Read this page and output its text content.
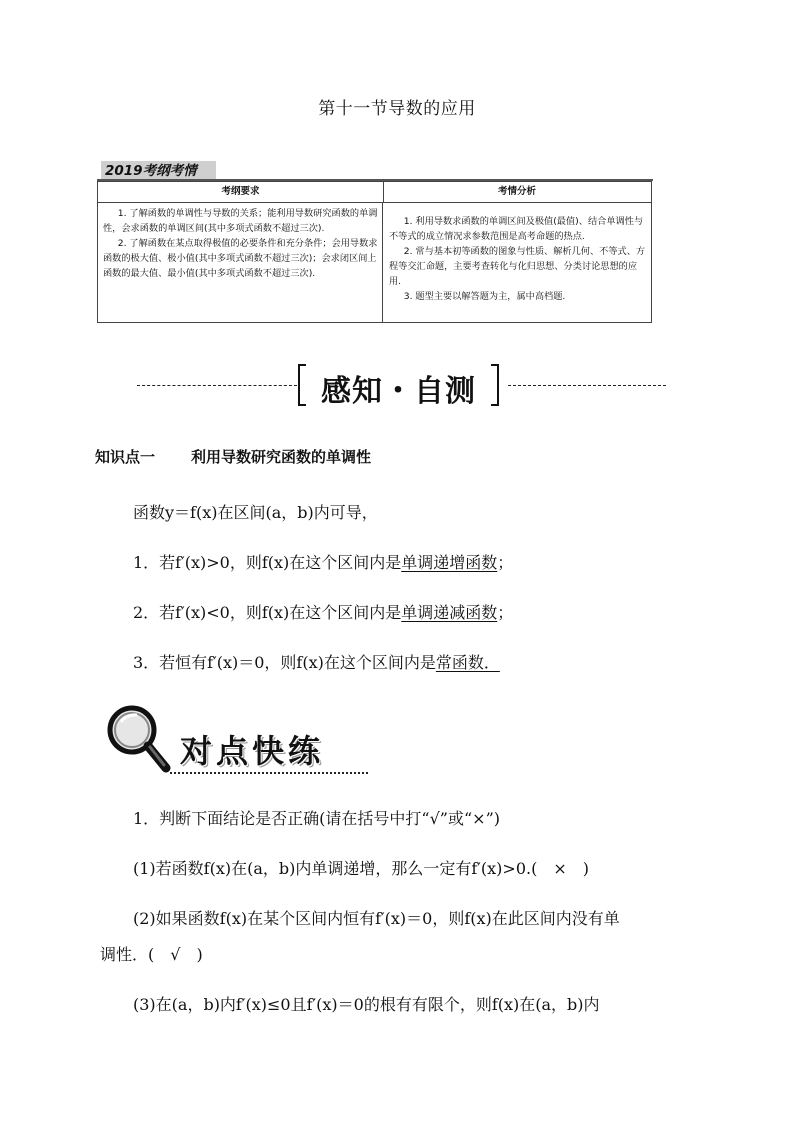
第十一节导数的应用
2019考纲考情
考纲要求	考情分析

1. 了解函数的单调性与导数的关系；能利用导数研究函数的单调性，会求函数的单调区间(其中多项式函数不超过三次).

2. 了解函数在某点取得极值的必要条件和充分条件；会用导数求函数的极大值、极小值(其中多项式函数不超过三次)；会求闭区间上函数的最大值、最小值(其中多项式函数不超过三次).

1. 利用导数求函数的单调区间及极值(最值)、结合单调性与不等式的成立情况求参数范围是高考命题的热点.

2. 常与基本初等函数的图象与性质、解析几何、不等式、方程等交汇命题，主要考查转化与化归思想、分类讨论思想的应用.

3. 题型主要以解答题为主，属中高档题.

感知・自测
知识点一 利用导数研究函数的单调性
函数y＝f(x)在区间(a，b)内可导，
1．若f′(x)>0，则f(x)在这个区间内是单调递增函数；
2．若f′(x)<0，则f(x)在这个区间内是单调递减函数；
3．若恒有f′(x)＝0，则f(x)在这个区间内是常函数．
对点快练
1．判断下面结论是否正确(请在括号中打“√”或“×”)
(1)若函数f(x)在(a，b)内单调递增，那么一定有f′(x)>0.(　×　)
(2)如果函数f(x)在某个区间内恒有f′(x)＝0，则f(x)在此区间内没有单
调性．(　√　)
(3)在(a，b)内f′(x)≤0且f′(x)＝0的根有有限个，则f(x)在(a，b)内
